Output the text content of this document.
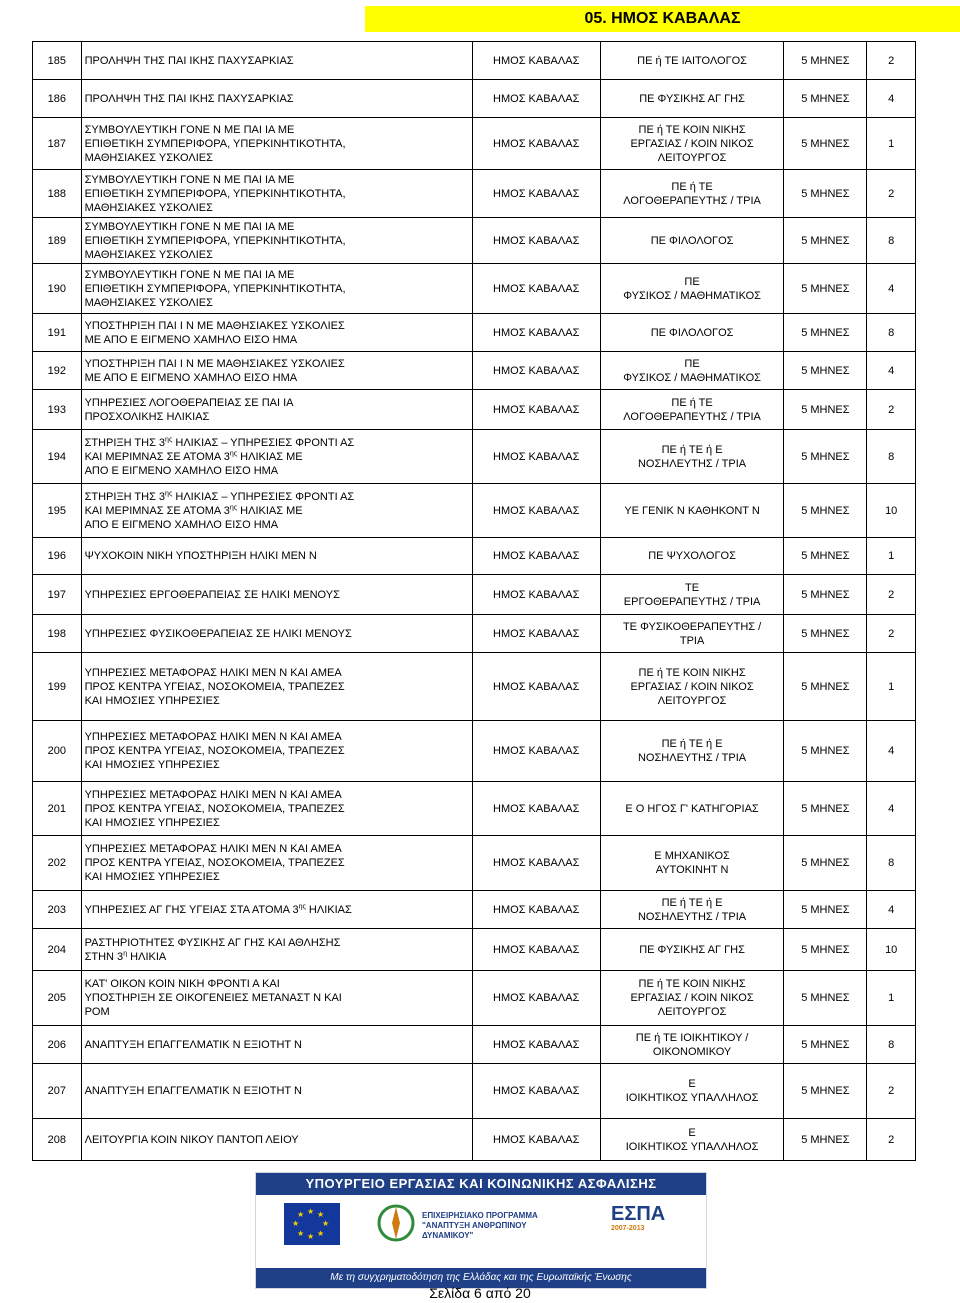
05. ΗΜΟΣ ΚΑΒΑΛΑΣ
185	ΠΡΟΛΗΨΗ ΤΗΣ ΠΑΙ ΙΚΗΣ ΠΑΧΥΣΑΡΚΙΑΣ	ΗΜΟΣ ΚΑΒΑΛΑΣ	ΠΕ ή ΤΕ ΙΑΙΤΟΛΟΓΟΣ	5 ΜΗΝΕΣ	2
186	ΠΡΟΛΗΨΗ ΤΗΣ ΠΑΙ ΙΚΗΣ ΠΑΧΥΣΑΡΚΙΑΣ	ΗΜΟΣ ΚΑΒΑΛΑΣ	ΠΕ ΦΥΣΙΚΗΣ ΑΓ ΓΗΣ	5 ΜΗΝΕΣ	4
187	ΣΥΜΒΟΥΛΕΥΤΙΚΗ ΓΟΝΕ Ν ΜΕ ΠΑΙ ΙΑ ΜΕ
ΕΠΙΘΕΤΙΚΗ ΣΥΜΠΕΡΙΦΟΡΑ, ΥΠΕΡΚΙΝΗΤΙΚΟΤΗΤΑ,
ΜΑΘΗΣΙΑΚΕΣ ΥΣΚΟΛΙΕΣ	ΗΜΟΣ ΚΑΒΑΛΑΣ	ΠΕ ή ΤΕ ΚΟΙΝ ΝΙΚΗΣ
ΕΡΓΑΣΙΑΣ / ΚΟΙΝ ΝΙΚΟΣ
ΛΕΙΤΟΥΡΓΟΣ	5 ΜΗΝΕΣ	1
188	ΣΥΜΒΟΥΛΕΥΤΙΚΗ ΓΟΝΕ Ν ΜΕ ΠΑΙ ΙΑ ΜΕ
ΕΠΙΘΕΤΙΚΗ ΣΥΜΠΕΡΙΦΟΡΑ, ΥΠΕΡΚΙΝΗΤΙΚΟΤΗΤΑ,
ΜΑΘΗΣΙΑΚΕΣ ΥΣΚΟΛΙΕΣ	ΗΜΟΣ ΚΑΒΑΛΑΣ	ΠΕ ή ΤΕ
ΛΟΓΟΘΕΡΑΠΕΥΤΗΣ / ΤΡΙΑ	5 ΜΗΝΕΣ	2
189	ΣΥΜΒΟΥΛΕΥΤΙΚΗ ΓΟΝΕ Ν ΜΕ ΠΑΙ ΙΑ ΜΕ
ΕΠΙΘΕΤΙΚΗ ΣΥΜΠΕΡΙΦΟΡΑ, ΥΠΕΡΚΙΝΗΤΙΚΟΤΗΤΑ,
ΜΑΘΗΣΙΑΚΕΣ ΥΣΚΟΛΙΕΣ	ΗΜΟΣ ΚΑΒΑΛΑΣ	ΠΕ ΦΙΛΟΛΟΓΟΣ	5 ΜΗΝΕΣ	8
190	ΣΥΜΒΟΥΛΕΥΤΙΚΗ ΓΟΝΕ Ν ΜΕ ΠΑΙ ΙΑ ΜΕ
ΕΠΙΘΕΤΙΚΗ ΣΥΜΠΕΡΙΦΟΡΑ, ΥΠΕΡΚΙΝΗΤΙΚΟΤΗΤΑ,
ΜΑΘΗΣΙΑΚΕΣ ΥΣΚΟΛΙΕΣ	ΗΜΟΣ ΚΑΒΑΛΑΣ	ΠΕ
ΦΥΣΙΚΟΣ / ΜΑΘΗΜΑΤΙΚΟΣ	5 ΜΗΝΕΣ	4
191	ΥΠΟΣΤΗΡΙΞΗ ΠΑΙ Ι Ν ΜΕ ΜΑΘΗΣΙΑΚΕΣ ΥΣΚΟΛΙΕΣ
ΜΕ ΑΠΟ Ε ΕΙΓΜΕΝΟ ΧΑΜΗΛΟ ΕΙΣΟ ΗΜΑ	ΗΜΟΣ ΚΑΒΑΛΑΣ	ΠΕ ΦΙΛΟΛΟΓΟΣ	5 ΜΗΝΕΣ	8
192	ΥΠΟΣΤΗΡΙΞΗ ΠΑΙ Ι Ν ΜΕ ΜΑΘΗΣΙΑΚΕΣ ΥΣΚΟΛΙΕΣ
ΜΕ ΑΠΟ Ε ΕΙΓΜΕΝΟ ΧΑΜΗΛΟ ΕΙΣΟ ΗΜΑ	ΗΜΟΣ ΚΑΒΑΛΑΣ	ΠΕ
ΦΥΣΙΚΟΣ / ΜΑΘΗΜΑΤΙΚΟΣ	5 ΜΗΝΕΣ	4
193	ΥΠΗΡΕΣΙΕΣ ΛΟΓΟΘΕΡΑΠΕΙΑΣ ΣΕ ΠΑΙ ΙΑ
ΠΡΟΣΧΟΛΙΚΗΣ ΗΛΙΚΙΑΣ	ΗΜΟΣ ΚΑΒΑΛΑΣ	ΠΕ ή ΤΕ
ΛΟΓΟΘΕΡΑΠΕΥΤΗΣ / ΤΡΙΑ	5 ΜΗΝΕΣ	2
194	ΣΤΗΡΙΞΗ ΤΗΣ $3^{\eta\varsigma}$ ΗΛΙΚΙΑΣ – ΥΠΗΡΕΣΙΕΣ ΦΡΟΝΤΙ ΑΣ
ΚΑΙ ΜΕΡΙΜΝΑΣ ΣΕ ΑΤΟΜΑ $3^{\eta\varsigma}$ ΗΛΙΚΙΑΣ ΜΕ
ΑΠΟ Ε ΕΙΓΜΕΝΟ ΧΑΜΗΛΟ ΕΙΣΟ ΗΜΑ	ΗΜΟΣ ΚΑΒΑΛΑΣ	ΠΕ ή ΤΕ ή Ε
ΝΟΣΗΛΕΥΤΗΣ / ΤΡΙΑ	5 ΜΗΝΕΣ	8
195	ΣΤΗΡΙΞΗ ΤΗΣ $3^{\eta\varsigma}$ ΗΛΙΚΙΑΣ – ΥΠΗΡΕΣΙΕΣ ΦΡΟΝΤΙ ΑΣ
ΚΑΙ ΜΕΡΙΜΝΑΣ ΣΕ ΑΤΟΜΑ $3^{\eta\varsigma}$ ΗΛΙΚΙΑΣ ΜΕ
ΑΠΟ Ε ΕΙΓΜΕΝΟ ΧΑΜΗΛΟ ΕΙΣΟ ΗΜΑ	ΗΜΟΣ ΚΑΒΑΛΑΣ	ΥΕ ΓΕΝΙΚ Ν ΚΑΘΗΚΟΝΤ Ν	5 ΜΗΝΕΣ	10
196	ΨΥΧΟΚΟΙΝ ΝΙΚΗ ΥΠΟΣΤΗΡΙΞΗ ΗΛΙΚΙ ΜΕΝ Ν	ΗΜΟΣ ΚΑΒΑΛΑΣ	ΠΕ ΨΥΧΟΛΟΓΟΣ	5 ΜΗΝΕΣ	1
197	ΥΠΗΡΕΣΙΕΣ ΕΡΓΟΘΕΡΑΠΕΙΑΣ ΣΕ ΗΛΙΚΙ ΜΕΝΟΥΣ	ΗΜΟΣ ΚΑΒΑΛΑΣ	ΤΕ
ΕΡΓΟΘΕΡΑΠΕΥΤΗΣ / ΤΡΙΑ	5 ΜΗΝΕΣ	2
198	ΥΠΗΡΕΣΙΕΣ ΦΥΣΙΚΟΘΕΡΑΠΕΙΑΣ ΣΕ ΗΛΙΚΙ ΜΕΝΟΥΣ	ΗΜΟΣ ΚΑΒΑΛΑΣ	ΤΕ ΦΥΣΙΚΟΘΕΡΑΠΕΥΤΗΣ /
ΤΡΙΑ	5 ΜΗΝΕΣ	2
199	ΥΠΗΡΕΣΙΕΣ ΜΕΤΑΦΟΡΑΣ ΗΛΙΚΙ ΜΕΝ Ν ΚΑΙ ΑΜΕΑ
ΠΡΟΣ ΚΕΝΤΡΑ ΥΓΕΙΑΣ, ΝΟΣΟΚΟΜΕΙΑ, ΤΡΑΠΕΖΕΣ
ΚΑΙ ΗΜΟΣΙΕΣ ΥΠΗΡΕΣΙΕΣ	ΗΜΟΣ ΚΑΒΑΛΑΣ	ΠΕ ή ΤΕ ΚΟΙΝ ΝΙΚΗΣ
ΕΡΓΑΣΙΑΣ / ΚΟΙΝ ΝΙΚΟΣ
ΛΕΙΤΟΥΡΓΟΣ	5 ΜΗΝΕΣ	1
200	ΥΠΗΡΕΣΙΕΣ ΜΕΤΑΦΟΡΑΣ ΗΛΙΚΙ ΜΕΝ Ν ΚΑΙ ΑΜΕΑ
ΠΡΟΣ ΚΕΝΤΡΑ ΥΓΕΙΑΣ, ΝΟΣΟΚΟΜΕΙΑ, ΤΡΑΠΕΖΕΣ
ΚΑΙ ΗΜΟΣΙΕΣ ΥΠΗΡΕΣΙΕΣ	ΗΜΟΣ ΚΑΒΑΛΑΣ	ΠΕ ή ΤΕ ή Ε
ΝΟΣΗΛΕΥΤΗΣ / ΤΡΙΑ	5 ΜΗΝΕΣ	4
201	ΥΠΗΡΕΣΙΕΣ ΜΕΤΑΦΟΡΑΣ ΗΛΙΚΙ ΜΕΝ Ν ΚΑΙ ΑΜΕΑ
ΠΡΟΣ ΚΕΝΤΡΑ ΥΓΕΙΑΣ, ΝΟΣΟΚΟΜΕΙΑ, ΤΡΑΠΕΖΕΣ
ΚΑΙ ΗΜΟΣΙΕΣ ΥΠΗΡΕΣΙΕΣ	ΗΜΟΣ ΚΑΒΑΛΑΣ	Ε Ο ΗΓΟΣ Γ' ΚΑΤΗΓΟΡΙΑΣ	5 ΜΗΝΕΣ	4
202	ΥΠΗΡΕΣΙΕΣ ΜΕΤΑΦΟΡΑΣ ΗΛΙΚΙ ΜΕΝ Ν ΚΑΙ ΑΜΕΑ
ΠΡΟΣ ΚΕΝΤΡΑ ΥΓΕΙΑΣ, ΝΟΣΟΚΟΜΕΙΑ, ΤΡΑΠΕΖΕΣ
ΚΑΙ ΗΜΟΣΙΕΣ ΥΠΗΡΕΣΙΕΣ	ΗΜΟΣ ΚΑΒΑΛΑΣ	Ε ΜΗΧΑΝΙΚΟΣ
ΑΥΤΟΚΙΝΗΤ Ν	5 ΜΗΝΕΣ	8
203	ΥΠΗΡΕΣΙΕΣ ΑΓ ΓΗΣ ΥΓΕΙΑΣ ΣΤΑ ΑΤΟΜΑ $3^{\eta\varsigma}$ ΗΛΙΚΙΑΣ	ΗΜΟΣ ΚΑΒΑΛΑΣ	ΠΕ ή ΤΕ ή Ε
ΝΟΣΗΛΕΥΤΗΣ / ΤΡΙΑ	5 ΜΗΝΕΣ	4
204	ΡΑΣΤΗΡΙΟΤΗΤΕΣ ΦΥΣΙΚΗΣ ΑΓ ΓΗΣ ΚΑΙ ΑΘΛΗΣΗΣ
ΣΤΗΝ $3^\eta$ ΗΛΙΚΙΑ	ΗΜΟΣ ΚΑΒΑΛΑΣ	ΠΕ ΦΥΣΙΚΗΣ ΑΓ ΓΗΣ	5 ΜΗΝΕΣ	10
205	ΚΑΤ' ΟΙΚΟΝ ΚΟΙΝ ΝΙΚΗ ΦΡΟΝΤΙ Α ΚΑΙ
ΥΠΟΣΤΗΡΙΞΗ ΣΕ ΟΙΚΟΓΕΝΕΙΕΣ ΜΕΤΑΝΑΣΤ Ν ΚΑΙ
ΡΟΜ	ΗΜΟΣ ΚΑΒΑΛΑΣ	ΠΕ ή ΤΕ ΚΟΙΝ ΝΙΚΗΣ
ΕΡΓΑΣΙΑΣ / ΚΟΙΝ ΝΙΚΟΣ
ΛΕΙΤΟΥΡΓΟΣ	5 ΜΗΝΕΣ	1
206	ΑΝΑΠΤΥΞΗ ΕΠΑΓΓΕΛΜΑΤΙΚ Ν ΕΞΙΟΤΗΤ Ν	ΗΜΟΣ ΚΑΒΑΛΑΣ	ΠΕ ή ΤΕ ΙΟΙΚΗΤΙΚΟΥ /
ΟΙΚΟΝΟΜΙΚΟΥ	5 ΜΗΝΕΣ	8
207	ΑΝΑΠΤΥΞΗ ΕΠΑΓΓΕΛΜΑΤΙΚ Ν ΕΞΙΟΤΗΤ Ν	ΗΜΟΣ ΚΑΒΑΛΑΣ	Ε
ΙΟΙΚΗΤΙΚΟΣ ΥΠΑΛΛΗΛΟΣ	5 ΜΗΝΕΣ	2
208	ΛΕΙΤΟΥΡΓΙΑ ΚΟΙΝ ΝΙΚΟΥ ΠΑΝΤΟΠ ΛΕΙΟΥ	ΗΜΟΣ ΚΑΒΑΛΑΣ	Ε
ΙΟΙΚΗΤΙΚΟΣ ΥΠΑΛΛΗΛΟΣ	5 ΜΗΝΕΣ	2
ΥΠΟΥΡΓΕΙΟ ΕΡΓΑΣΙΑΣ ΚΑΙ ΚΟΙΝΩΝΙΚΗΣ ΑΣΦΑΛΙΣΗΣ
★ ★
★
★
★
★
★
★	ΕΠΙΧΕΙΡΗΣΙΑΚΟ ΠΡΟΓΡΑΜΜΑ
"ΑΝΑΠΤΥΞΗ ΑΝΘΡΩΠΙΝΟΥ ΔΥΝΑΜΙΚΟΥ"
ΕΣΠΑ
2007-2013
Με τη συγχρηματοδότηση της Ελλάδας και της Ευρωπαϊκής Ένωσης
Σελίδα 6 από 20
